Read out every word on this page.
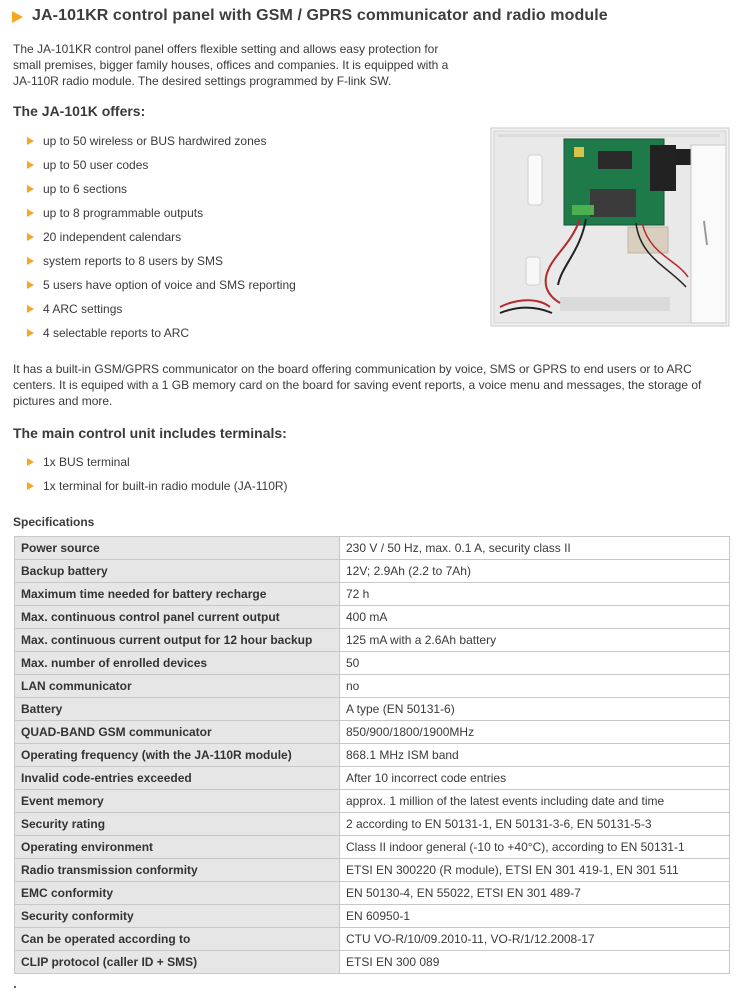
JA-101KR control panel with GSM / GPRS communicator and radio module
The JA-101KR control panel offers flexible setting and allows easy protection for small premises, bigger family houses, offices and companies. It is equipped with a JA-110R radio module. The desired settings programmed by F-link SW.
The JA-101K offers:
up to 50 wireless or BUS hardwired zones
up to 50 user codes
up to 6 sections
up to 8 programmable outputs
20 independent calendars
system reports to 8 users by SMS
5 users have option of voice and SMS reporting
4 ARC settings
4 selectable reports to ARC
It has a built-in GSM/GPRS communicator on the board offering communication by voice, SMS or GPRS to end users or to ARC centers. It is equiped with a 1 GB memory card on the board for saving event reports, a voice menu and messages, the storage of pictures and more.
The main control unit includes terminals:
1x BUS terminal
1x terminal for built-in radio module (JA-110R)
Specifications
Power source	230 V / 50 Hz, max. 0.1 A, security class II
Backup battery	12V; 2.9Ah (2.2 to 7Ah)
Maximum time needed for battery recharge	72 h
Max. continuous control panel current output	400 mA
Max. continuous current output for 12 hour backup	125 mA with a 2.6Ah battery
Max. number of enrolled devices	50
LAN communicator	no
Battery	A type (EN 50131-6)
QUAD-BAND GSM communicator	850/900/1800/1900MHz
Operating frequency (with the JA-110R module)	868.1 MHz ISM band
Invalid code-entries exceeded	After 10 incorrect code entries
Event memory	approx. 1 million of the latest events including date and time
Security rating	2 according to EN 50131-1, EN 50131-3-6, EN 50131-5-3
Operating environment	Class II indoor general (-10 to +40°C), according to EN 50131-1
Radio transmission conformity	ETSI EN 300220 (R module), ETSI EN 301 419-1, EN 301 511
EMC conformity	EN 50130-4, EN 55022, ETSI EN 301 489-7
Security conformity	EN 60950-1
Can be operated according to	CTU VO-R/10/09.2010-11, VO-R/1/12.2008-17
CLIP protocol (caller ID + SMS)	ETSI EN 300 089
